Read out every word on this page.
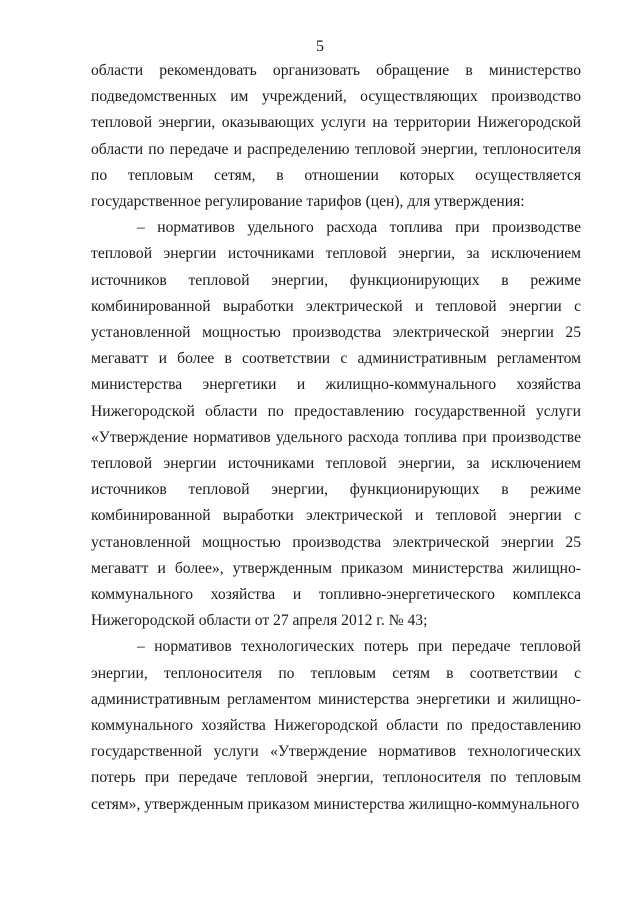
5

области рекомендовать организовать обращение в министерство подведомственных им учреждений, осуществляющих производство тепловой энергии, оказывающих услуги на территории Нижегородской области по передаче и распределению тепловой энергии, теплоносителя по тепловым сетям, в отношении которых осуществляется государственное регулирование тарифов (цен), для утверждения:

– нормативов удельного расхода топлива при производстве тепловой энергии источниками тепловой энергии, за исключением источников тепловой энергии, функционирующих в режиме комбинированной выработки электрической и тепловой энергии с установленной мощностью производства электрической энергии 25 мегаватт и более в соответствии с административным регламентом министерства энергетики и жилищно-коммунального хозяйства Нижегородской области по предоставлению государственной услуги «Утверждение нормативов удельного расхода топлива при производстве тепловой энергии источниками тепловой энергии, за исключением источников тепловой энергии, функционирующих в режиме комбинированной выработки электрической и тепловой энергии с установленной мощностью производства электрической энергии 25 мегаватт и более», утвержденным приказом министерства жилищно-коммунального хозяйства и топливно-энергетического комплекса Нижегородской области от 27 апреля 2012 г. № 43;

– нормативов технологических потерь при передаче тепловой энергии, теплоносителя по тепловым сетям в соответствии с административным регламентом министерства энергетики и жилищно-коммунального хозяйства Нижегородской области по предоставлению государственной услуги «Утверждение нормативов технологических потерь при передаче тепловой энергии, теплоносителя по тепловым сетям», утвержденным приказом министерства жилищно-коммунального
